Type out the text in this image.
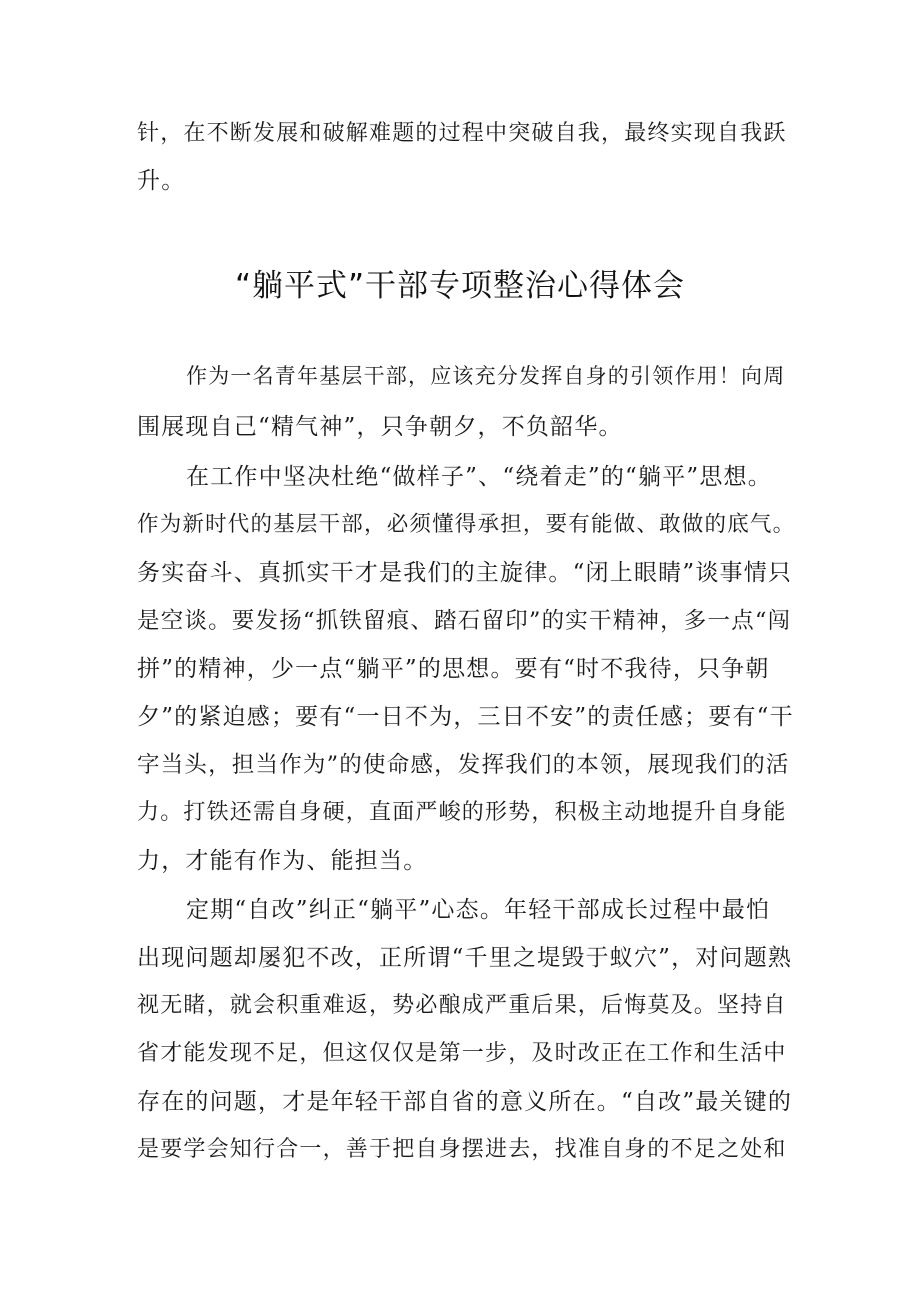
针，在不断发展和破解难题的过程中突破自我，最终实现自我跃
升。
“躺平式”干部专项整治心得体会
作为一名青年基层干部，应该充分发挥自身的引领作用！向周
围展现自己“精气神”，只争朝夕，不负韶华。
在工作中坚决杜绝“做样子”、“绕着走”的“躺平”思想。
作为新时代的基层干部，必须懂得承担，要有能做、敢做的底气。
务实奋斗、真抓实干才是我们的主旋律。“闭上眼睛”谈事情只
是空谈。要发扬“抓铁留痕、踏石留印”的实干精神，多一点“闯
拼”的精神，少一点“躺平”的思想。要有“时不我待，只争朝
夕”的紧迫感；要有“一日不为，三日不安”的责任感；要有“干
字当头，担当作为”的使命感，发挥我们的本领，展现我们的活
力。打铁还需自身硬，直面严峻的形势，积极主动地提升自身能
力，才能有作为、能担当。
定期“自改”纠正“躺平”心态。年轻干部成长过程中最怕
出现问题却屡犯不改，正所谓“千里之堤毁于蚁穴”，对问题熟
视无睹，就会积重难返，势必酿成严重后果，后悔莫及。坚持自
省才能发现不足，但这仅仅是第一步，及时改正在工作和生活中
存在的问题，才是年轻干部自省的意义所在。“自改”最关键的
是要学会知行合一，善于把自身摆进去，找准自身的不足之处和
